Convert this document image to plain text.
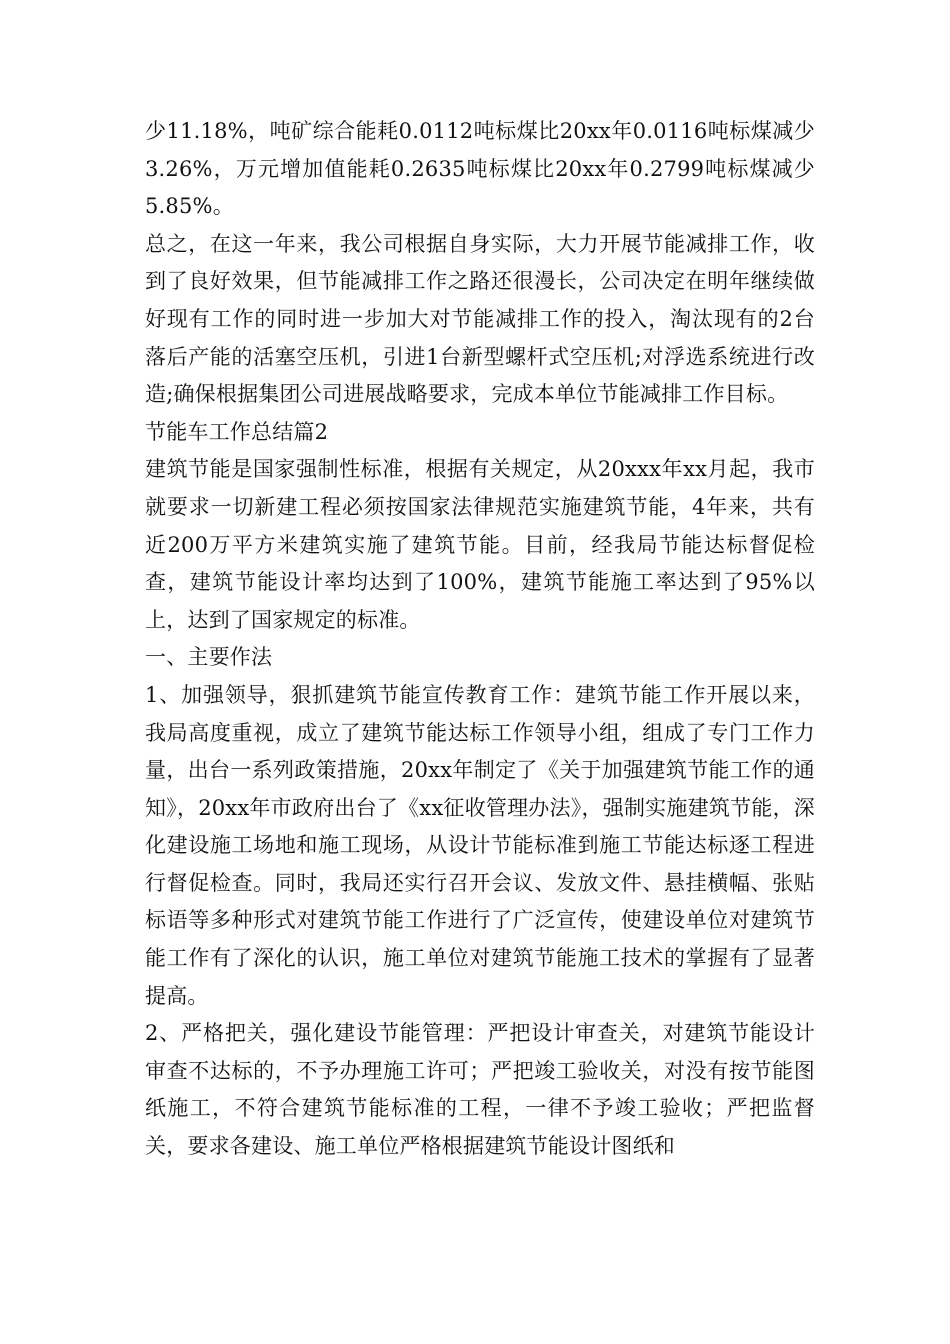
少11.18%，吨矿综合能耗0.0112吨标煤比20xx年0.0116吨标煤减少3.26%，万元增加值能耗0.2635吨标煤比20xx年0.2799吨标煤减少5.85%。

总之，在这一年来，我公司根据自身实际，大力开展节能减排工作，收到了良好效果，但节能减排工作之路还很漫长，公司决定在明年继续做好现有工作的同时进一步加大对节能减排工作的投入，淘汰现有的2台落后产能的活塞空压机，引进1台新型螺杆式空压机;对浮选系统进行改造;确保根据集团公司进展战略要求，完成本单位节能减排工作目标。

节能车工作总结篇2

建筑节能是国家强制性标准，根据有关规定，从20xxx年xx月起，我市就要求一切新建工程必须按国家法律规范实施建筑节能，4年来，共有近200万平方米建筑实施了建筑节能。目前，经我局节能达标督促检查，建筑节能设计率均达到了100%，建筑节能施工率达到了95%以上，达到了国家规定的标准。

一、主要作法

1、加强领导，狠抓建筑节能宣传教育工作：建筑节能工作开展以来，我局高度重视，成立了建筑节能达标工作领导小组，组成了专门工作力量，出台一系列政策措施，20xx年制定了《关于加强建筑节能工作的通知》，20xx年市政府出台了《xx征收管理办法》，强制实施建筑节能，深化建设施工场地和施工现场，从设计节能标准到施工节能达标逐工程进行督促检查。同时，我局还实行召开会议、发放文件、悬挂横幅、张贴标语等多种形式对建筑节能工作进行了广泛宣传，使建设单位对建筑节能工作有了深化的认识，施工单位对建筑节能施工技术的掌握有了显著提高。

2、严格把关，强化建设节能管理：严把设计审查关，对建筑节能设计审查不达标的，不予办理施工许可；严把竣工验收关，对没有按节能图纸施工，不符合建筑节能标准的工程，一律不予竣工验收；严把监督关，要求各建设、施工单位严格根据建筑节能设计图纸和
